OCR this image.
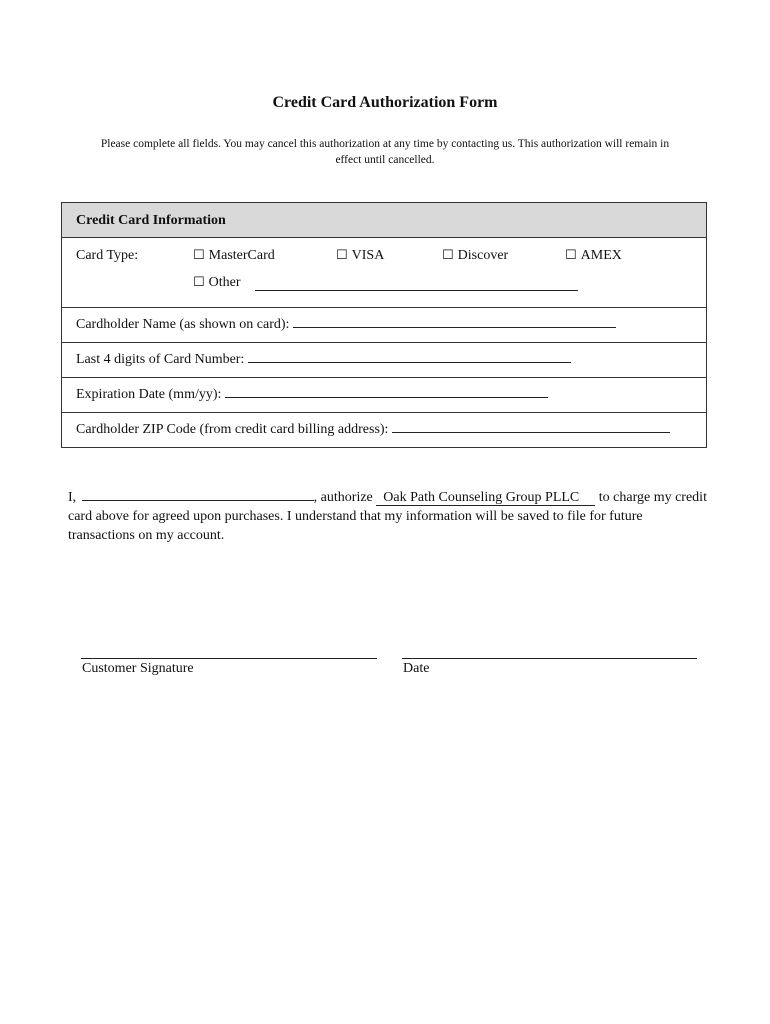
Credit Card Authorization Form
Please complete all fields. You may cancel this authorization at any time by contacting us. This authorization will remain in effect until cancelled.
Credit Card Information
Card Type:	☐ MasterCard	☐ VISA	☐ Discover	☐ AMEX
☐ Other
Cardholder Name (as shown on card):
Last 4 digits of Card Number:
Expiration Date (mm/yy):
Cardholder ZIP Code (from credit card billing address):
I,	, authorize Oak Path Counseling Group PLLC to charge my credit card above for agreed upon purchases. I understand that my information will be saved to file for future transactions on my account.
Customer Signature	Date
